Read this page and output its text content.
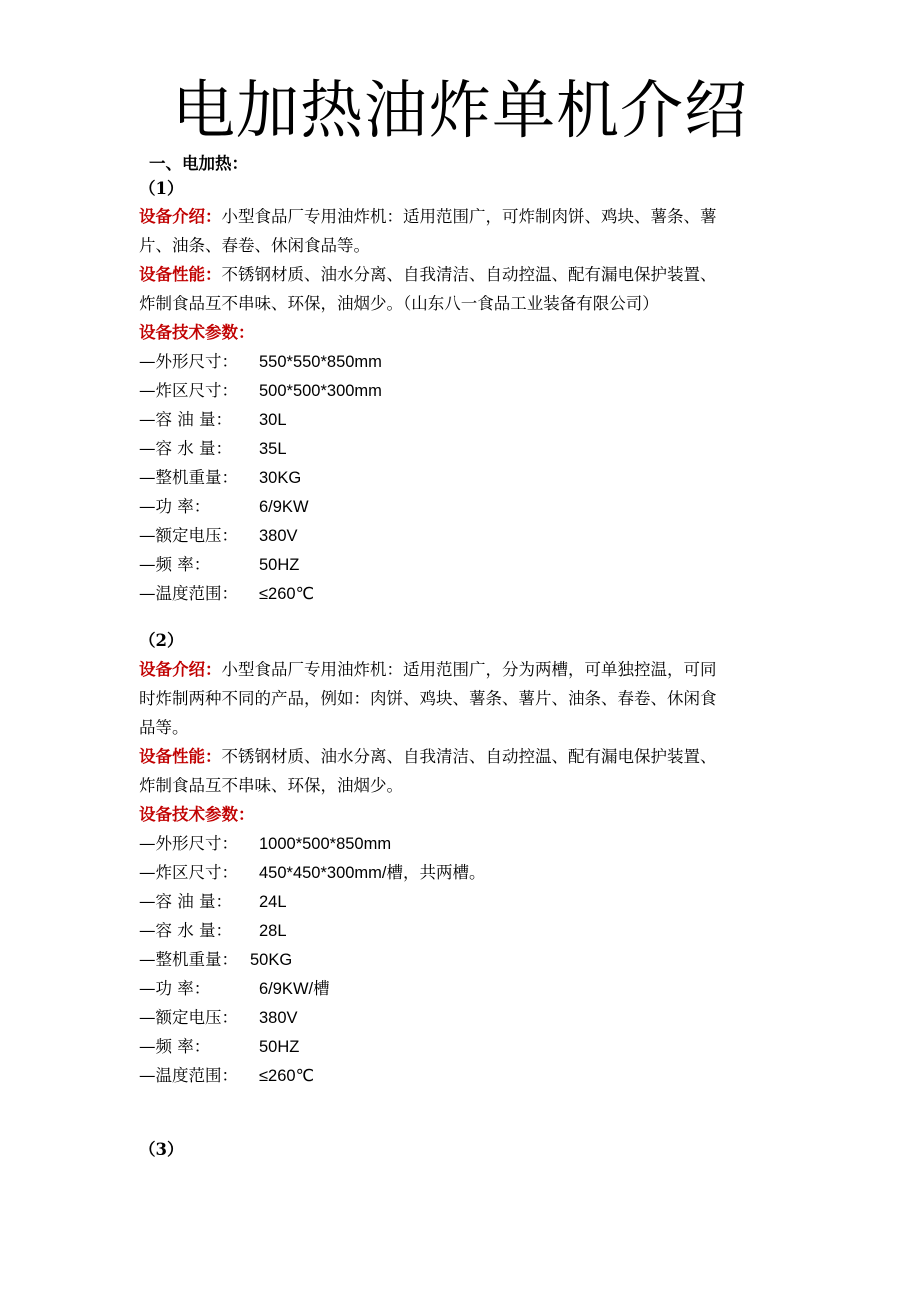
电加热油炸单机介绍
一、电加热：
（1）
设备介绍：小型食品厂专用油炸机：适用范围广，可炸制肉饼、鸡块、薯条、薯
片、油条、春卷、休闲食品等。
设备性能：不锈钢材质、油水分离、自我清洁、自动控温、配有漏电保护装置、
炸制食品互不串味、环保，油烟少。（山东八一食品工业装备有限公司）
设备技术参数：
—外形尺寸： 550*550*850mm
—炸区尺寸： 500*500*300mm
—容 油 量： 30L
—容 水 量： 35L
—整机重量： 30KG
—功 率：	6/9KW
—额定电压： 380V
—频 率：	50HZ
—温度范围： ≤260℃
（2）
设备介绍：小型食品厂专用油炸机：适用范围广，分为两槽，可单独控温，可同
时炸制两种不同的产品，例如：肉饼、鸡块、薯条、薯片、油条、春卷、休闲食
品等。
设备性能：不锈钢材质、油水分离、自我清洁、自动控温、配有漏电保护装置、
炸制食品互不串味、环保，油烟少。
设备技术参数：
—外形尺寸： 1000*500*850mm
—炸区尺寸： 450*450*300mm/槽，共两槽。
—容 油 量： 24L
—容 水 量： 28L
—整机重量： 50KG
—功 率：	6/9KW/槽
—额定电压： 380V
—频 率：	50HZ
—温度范围： ≤260℃
（3）
